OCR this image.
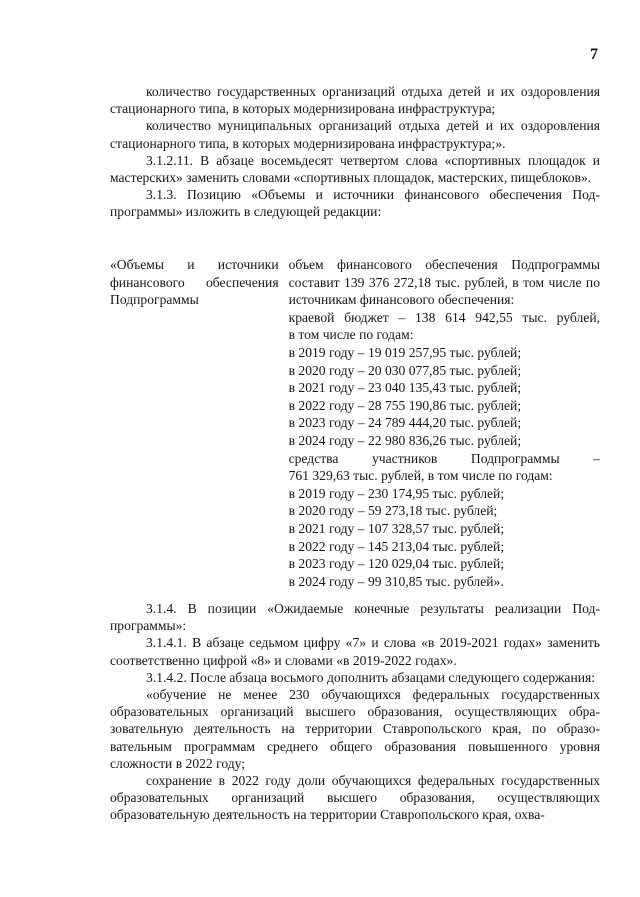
7

количество государственных организаций отдыха детей и их оздоровления стационарного типа, в которых модернизирована инфраструктура;

количество муниципальных организаций отдыха детей и их оздоровления стационарного типа, в которых модернизирована инфраструктура;».

3.1.2.11. В абзаце восемьдесят четвертом слова «спортивных площадок и мастерских» заменить словами «спортивных площадок, мастерских, пищеблоков».

3.1.3. Позицию «Объемы и источники финансового обеспечения Подпрограммы» изложить в следующей редакции:

«Объемы и источники
финансового обеспечения
Подпрограммы
объем финансового обеспечения Подпрограммы составит 139 376 272,18 тыс. рублей, в том числе по источникам финансового обеспечения:
краевой бюджет – 138 614 942,55 тыс. рублей,
в том числе по годам:
в 2019 году – 19 019 257,95 тыс. рублей;
в 2020 году – 20 030 077,85 тыс. рублей;
в 2021 году – 23 040 135,43 тыс. рублей;
в 2022 году – 28 755 190,86 тыс. рублей;
в 2023 году – 24 789 444,20 тыс. рублей;
в 2024 году – 22 980 836,26 тыс. рублей;
средства участников Подпрограммы –
761 329,63 тыс. рублей, в том числе по годам:
в 2019 году – 230 174,95 тыс. рублей;
в 2020 году – 59 273,18 тыс. рублей;
в 2021 году – 107 328,57 тыс. рублей;
в 2022 году – 145 213,04 тыс. рублей;
в 2023 году – 120 029,04 тыс. рублей;
в 2024 году – 99 310,85 тыс. рублей».

3.1.4. В позиции «Ожидаемые конечные результаты реализации Подпрограммы»:

3.1.4.1. В абзаце седьмом цифру «7» и слова «в 2019-2021 годах» заменить соответственно цифрой «8» и словами «в 2019-2022 годах».

3.1.4.2. После абзаца восьмого дополнить абзацами следующего содержания:

«обучение не менее 230 обучающихся федеральных государственных образовательных организаций высшего образования, осуществляющих образовательную деятельность на территории Ставропольского края, по образовательным программам среднего общего образования повышенного уровня сложности в 2022 году;

сохранение в 2022 году доли обучающихся федеральных государственных образовательных организаций высшего образования, осуществляющих образовательную деятельность на территории Ставропольского края, охва-
